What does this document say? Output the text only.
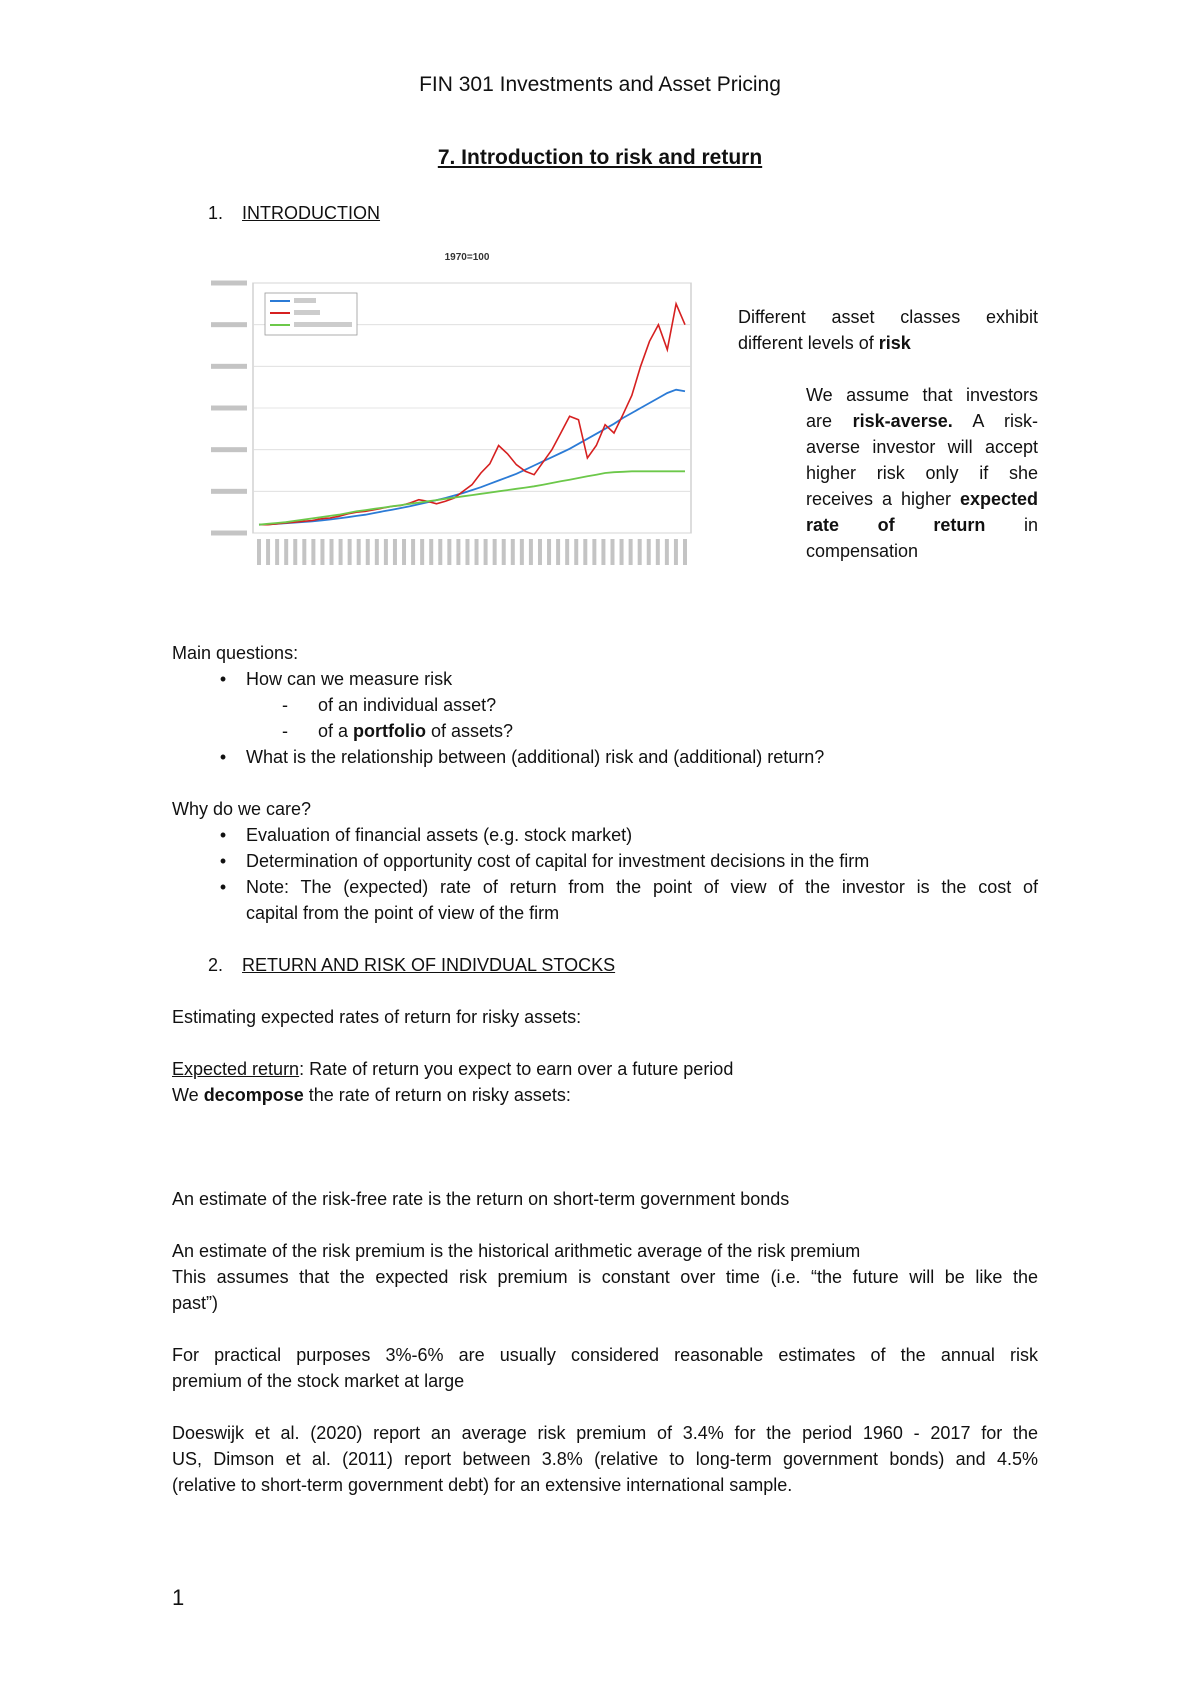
FIN 301 Investments and Asset Pricing
7. Introduction to risk and return
1. INTRODUCTION
1970=100
Different asset classes exhibit
different levels of risk
We assume that investors
are risk-averse. A risk-
averse investor will accept
higher risk only if she
receives a higher expected
rate of return in
compensation
Main questions:
• How can we measure risk
- of an individual asset?
- of a portfolio of assets?
• What is the relationship between (additional) risk and (additional) return?
Why do we care?
• Evaluation of financial assets (e.g. stock market)
• Determination of opportunity cost of capital for investment decisions in the firm
• Note: The (expected) rate of return from the point of view of the investor is the cost of
capital from the point of view of the firm
2. RETURN AND RISK OF INDIVDUAL STOCKS
Estimating expected rates of return for risky assets:
Expected return: Rate of return you expect to earn over a future period
We decompose the rate of return on risky assets:
An estimate of the risk-free rate is the return on short-term government bonds
An estimate of the risk premium is the historical arithmetic average of the risk premium
This assumes that the expected risk premium is constant over time (i.e. “the future will be like the
past”)
For practical purposes 3%-6% are usually considered reasonable estimates of the annual risk
premium of the stock market at large
Doeswijk et al. (2020) report an average risk premium of 3.4% for the period 1960 - 2017 for the
US, Dimson et al. (2011) report between 3.8% (relative to long-term government bonds) and 4.5%
(relative to short-term government debt) for an extensive international sample.
1
